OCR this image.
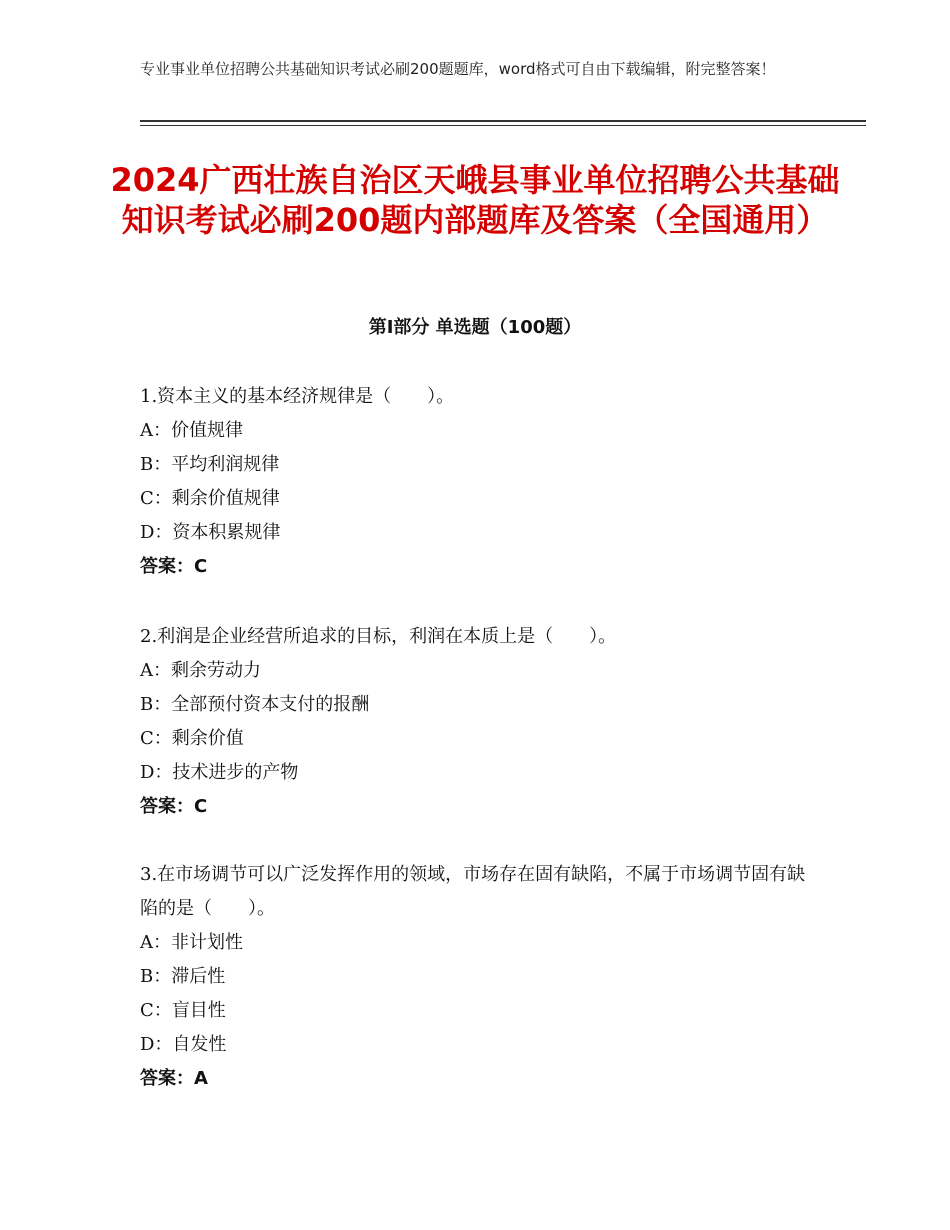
专业事业单位招聘公共基础知识考试必刷200题题库，word格式可自由下载编辑，附完整答案！
2024广西壮族自治区天峨县事业单位招聘公共基础知识考试必刷200题内部题库及答案（全国通用）
第Ⅰ部分 单选题（100题）
1.资本主义的基本经济规律是（　　）。
A：价值规律
B：平均利润规律
C：剩余价值规律
D：资本积累规律
答案：C
2.利润是企业经营所追求的目标，利润在本质上是（　　）。
A：剩余劳动力
B：全部预付资本支付的报酬
C：剩余价值
D：技术进步的产物
答案：C
3.在市场调节可以广泛发挥作用的领域，市场存在固有缺陷，不属于市场调节固有缺陷的是（　　）。
A：非计划性
B：滞后性
C：盲目性
D：自发性
答案：A
